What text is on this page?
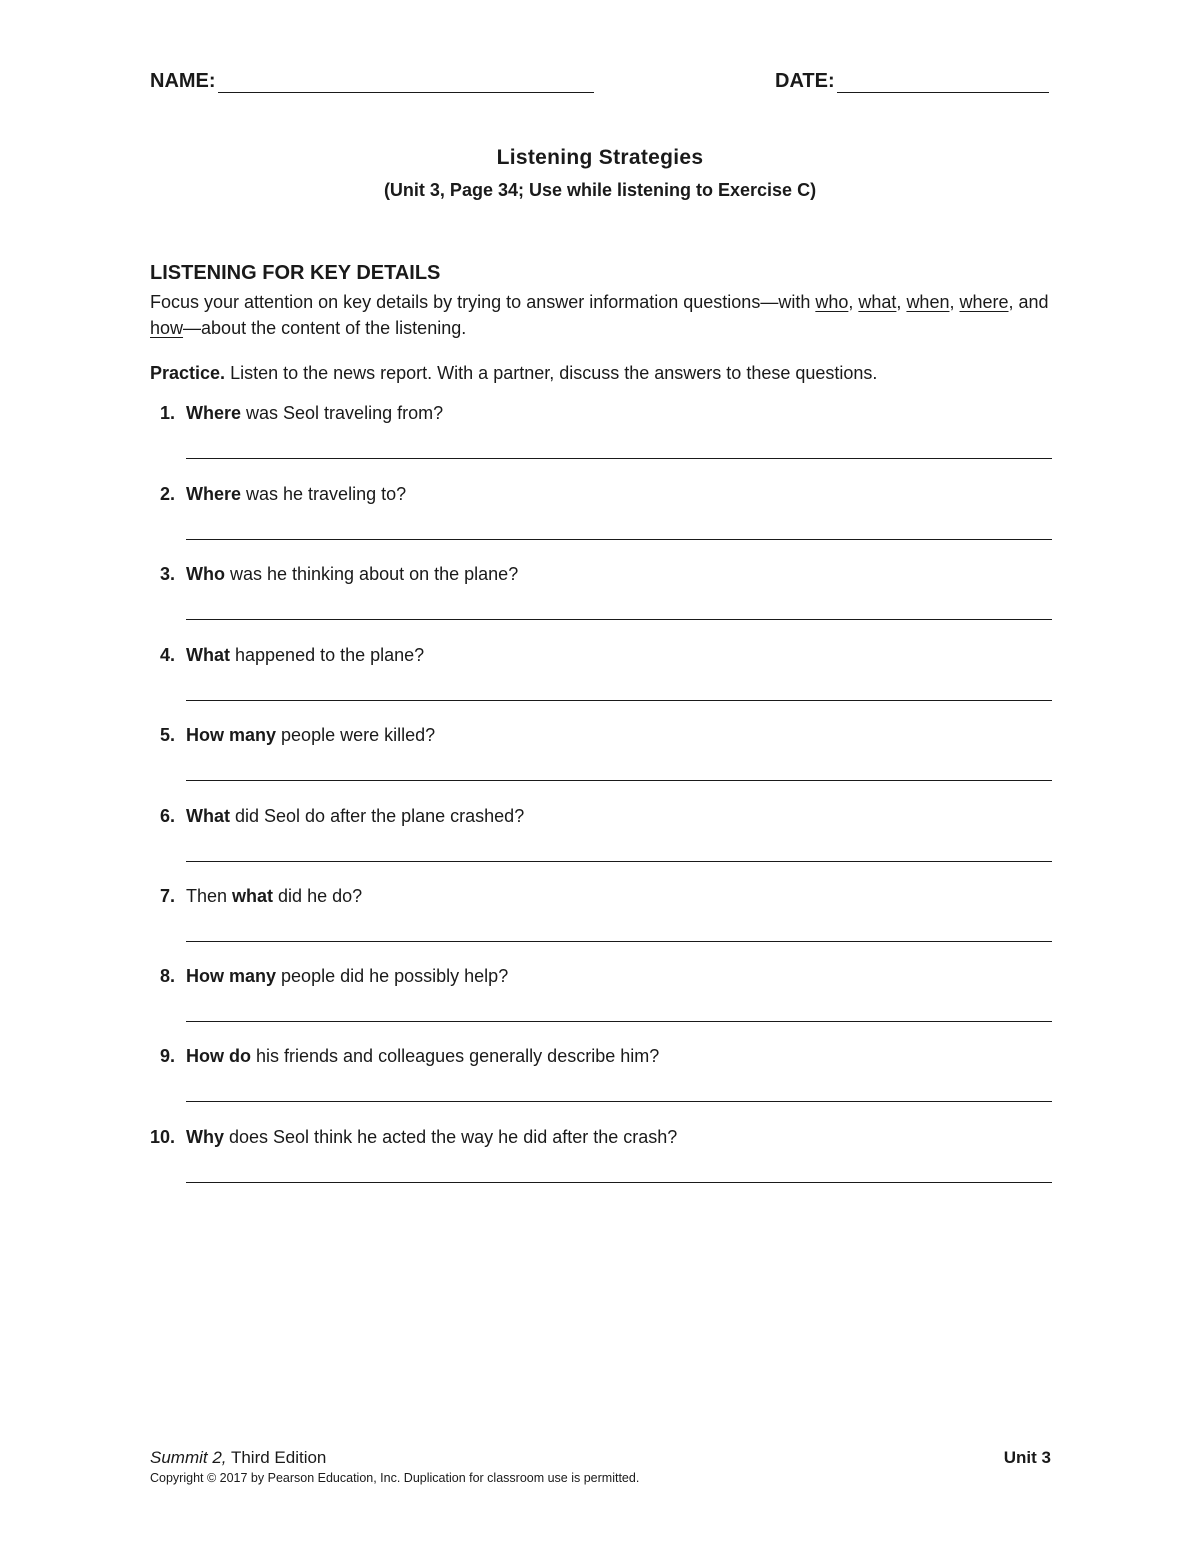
NAME:	DATE:
Listening Strategies
(Unit 3, Page 34; Use while listening to Exercise C)
LISTENING FOR KEY DETAILS
Focus your attention on key details by trying to answer information questions—with who, what, when, where, and how—about the content of the listening.
Practice. Listen to the news report. With a partner, discuss the answers to these questions.
1. Where was Seol traveling from?
2. Where was he traveling to?
3. Who was he thinking about on the plane?
4. What happened to the plane?
5. How many people were killed?
6. What did Seol do after the plane crashed?
7. Then what did he do?
8. How many people did he possibly help?
9. How do his friends and colleagues generally describe him?
10. Why does Seol think he acted the way he did after the crash?
Summit 2, Third Edition	Unit 3
Copyright © 2017 by Pearson Education, Inc. Duplication for classroom use is permitted.
